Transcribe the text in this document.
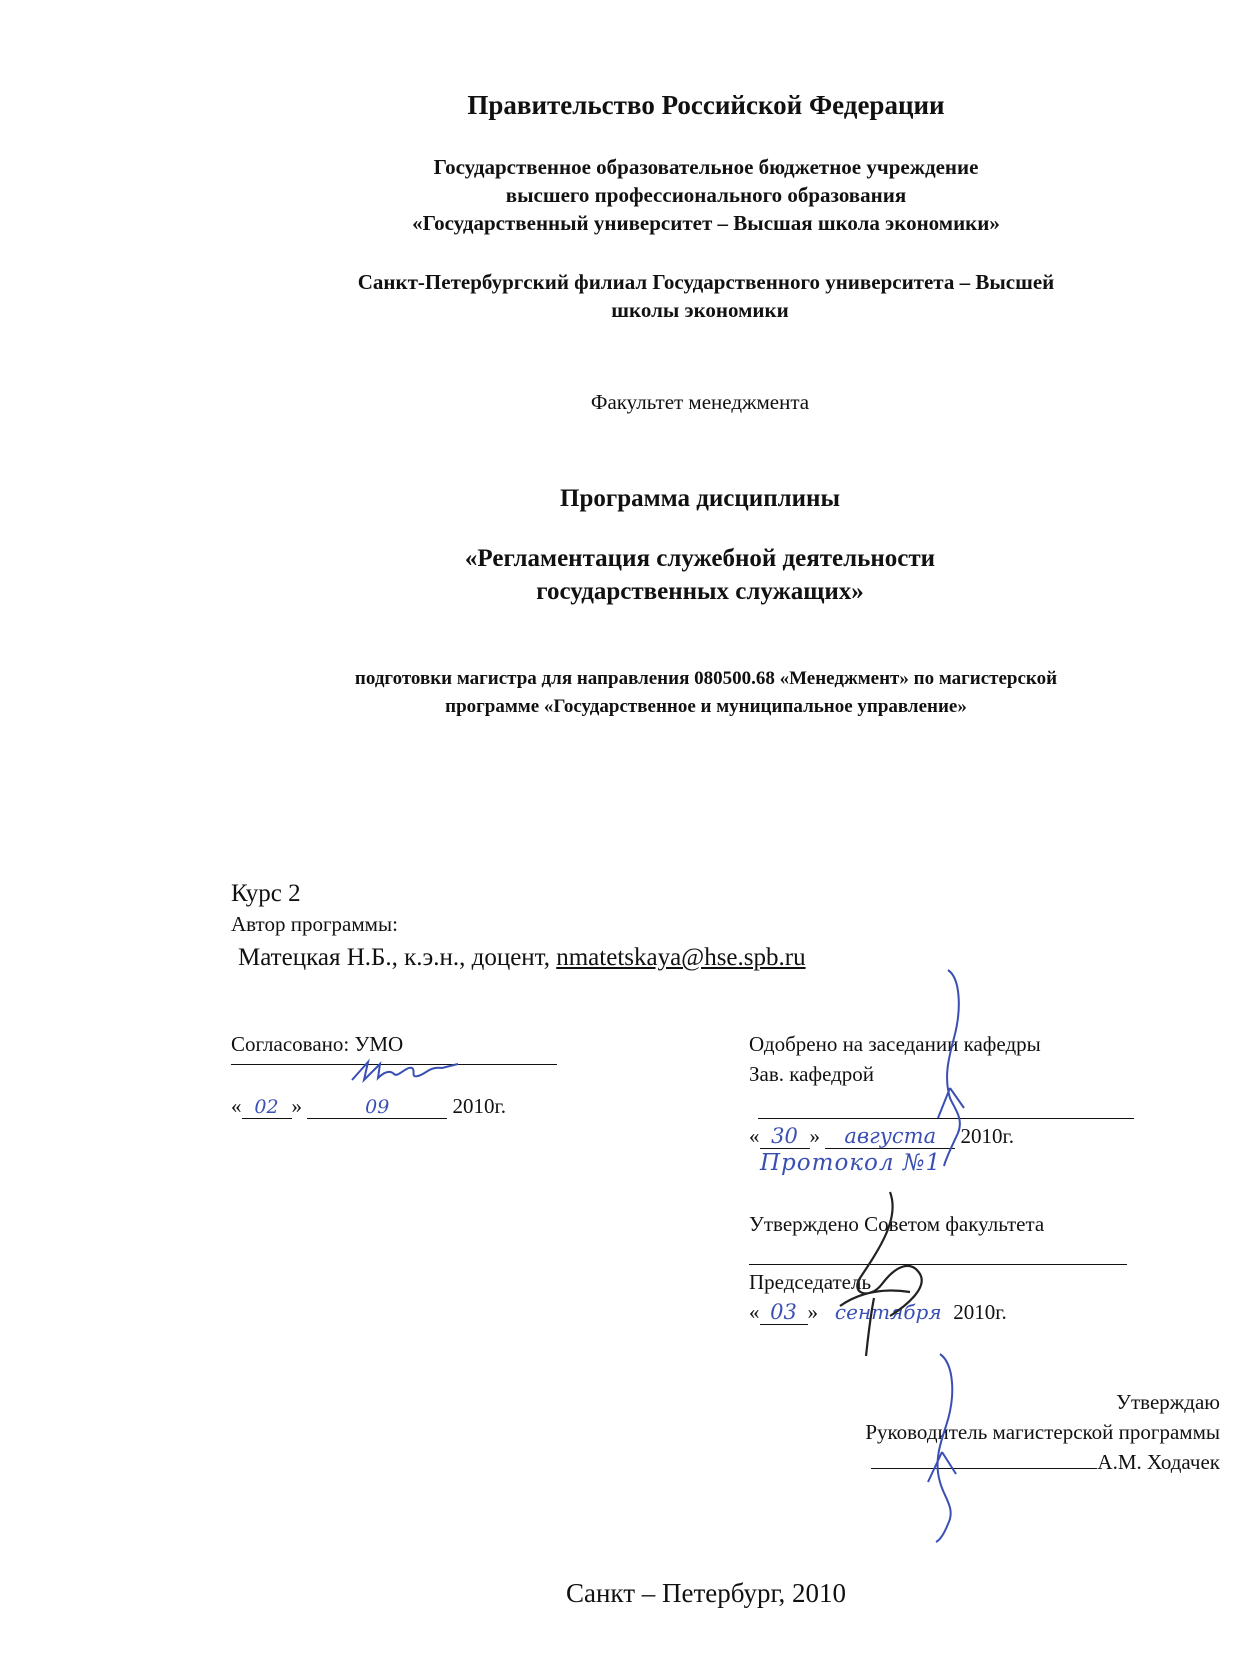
Правительство Российской Федерации
Государственное образовательное бюджетное учреждение
высшего профессионального образования
«Государственный университет – Высшая школа экономики»
Санкт-Петербургский филиал Государственного университета – Высшей
школы экономики
Факультет менеджмента
Программа дисциплины
«Регламентация служебной деятельности
государственных служащих»
подготовки магистра для направления 080500.68 «Менеджмент» по магистерской
программе «Государственное и муниципальное управление»
Курс 2
Автор программы:
Матецкая Н.Б., к.э.н., доцент, nmatetskaya@hse.spb.ru
Согласовано: УМО
« 02 »	09	2010г.
Одобрено на заседании кафедры
Зав. кафедрой
« 30 » августа 2010г.
Протокол №1
Утверждено Советом факультета
Председатель
« 03 » сентября 2010г.
Утверждаю
Руководитель магистерской программы
А.М. Ходачек
Санкт – Петербург, 2010
